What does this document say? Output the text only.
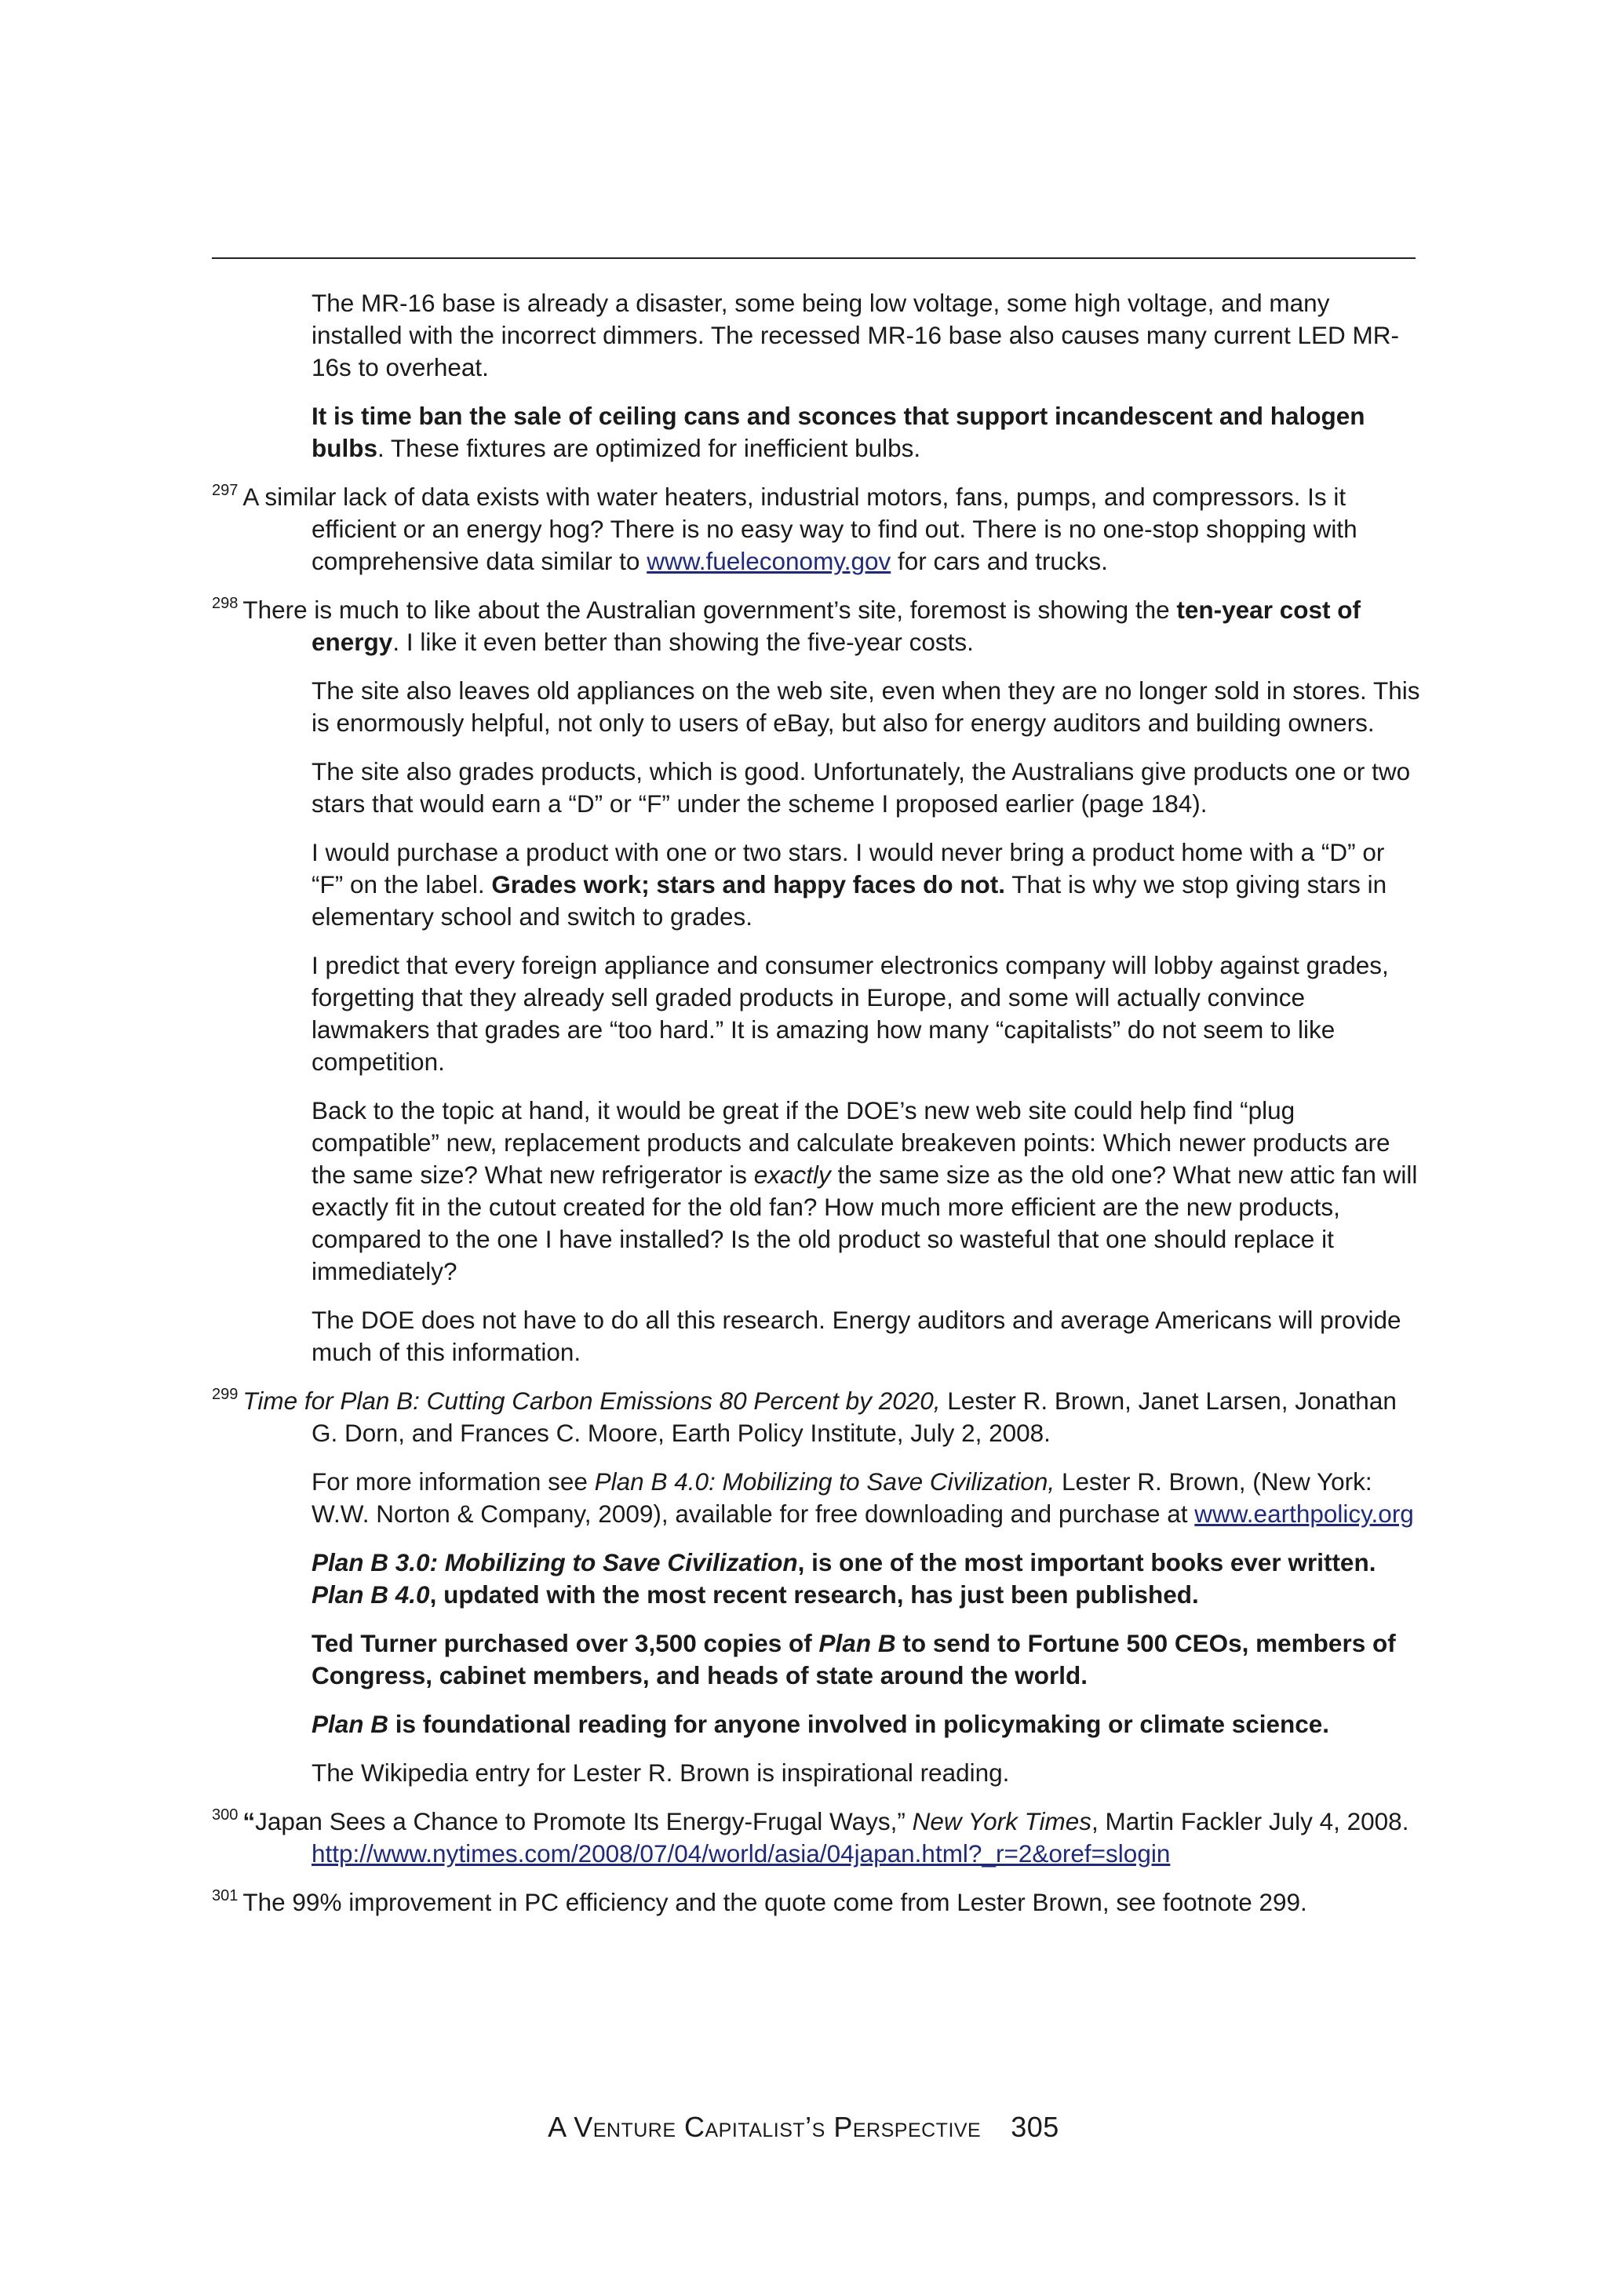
The MR-16 base is already a disaster, some being low voltage, some high voltage, and many installed with the incorrect dimmers. The recessed MR-16 base also causes many current LED MR-16s to overheat.

It is time ban the sale of ceiling cans and sconces that support incandescent and halogen bulbs. These fixtures are optimized for inefficient bulbs.

$^{297}$ A similar lack of data exists with water heaters, industrial motors, fans, pumps, and compressors. Is it efficient or an energy hog? There is no easy way to find out. There is no one-stop shopping with comprehensive data similar to www.fueleconomy.gov for cars and trucks.

$^{298}$ There is much to like about the Australian government’s site, foremost is showing the ten-year cost of energy. I like it even better than showing the five-year costs.

The site also leaves old appliances on the web site, even when they are no longer sold in stores. This is enormously helpful, not only to users of eBay, but also for energy auditors and building owners.

The site also grades products, which is good. Unfortunately, the Australians give products one or two stars that would earn a “D” or “F” under the scheme I proposed earlier (page 184).

I would purchase a product with one or two stars. I would never bring a product home with a “D” or “F” on the label. Grades work; stars and happy faces do not. That is why we stop giving stars in elementary school and switch to grades.

I predict that every foreign appliance and consumer electronics company will lobby against grades, forgetting that they already sell graded products in Europe, and some will actually convince lawmakers that grades are “too hard.” It is amazing how many “capitalists” do not seem to like competition.

Back to the topic at hand, it would be great if the DOE’s new web site could help find “plug compatible” new, replacement products and calculate breakeven points: Which newer products are the same size? What new refrigerator is exactly the same size as the old one? What new attic fan will exactly fit in the cutout created for the old fan? How much more efficient are the new products, compared to the one I have installed? Is the old product so wasteful that one should replace it immediately?

The DOE does not have to do all this research. Energy auditors and average Americans will provide much of this information.

$^{299}$ Time for Plan B: Cutting Carbon Emissions 80 Percent by 2020, Lester R. Brown, Janet Larsen, Jonathan G. Dorn, and Frances C. Moore, Earth Policy Institute, July 2, 2008.

For more information see Plan B 4.0: Mobilizing to Save Civilization, Lester R. Brown, (New York: W.W. Norton & Company, 2009), available for free downloading and purchase at www.earthpolicy.org

Plan B 3.0: Mobilizing to Save Civilization, is one of the most important books ever written. Plan B 4.0, updated with the most recent research, has just been published.

Ted Turner purchased over 3,500 copies of Plan B to send to Fortune 500 CEOs, members of Congress, cabinet members, and heads of state around the world.

Plan B is foundational reading for anyone involved in policymaking or climate science.

The Wikipedia entry for Lester R. Brown is inspirational reading.

$^{300}$ “Japan Sees a Chance to Promote Its Energy-Frugal Ways,” New York Times, Martin Fackler July 4, 2008. http://www.nytimes.com/2008/07/04/world/asia/04japan.html?_r=2&oref=slogin

$^{301}$ The 99% improvement in PC efficiency and the quote come from Lester Brown, see footnote 299.

A Venture Capitalist’s Perspective 305
